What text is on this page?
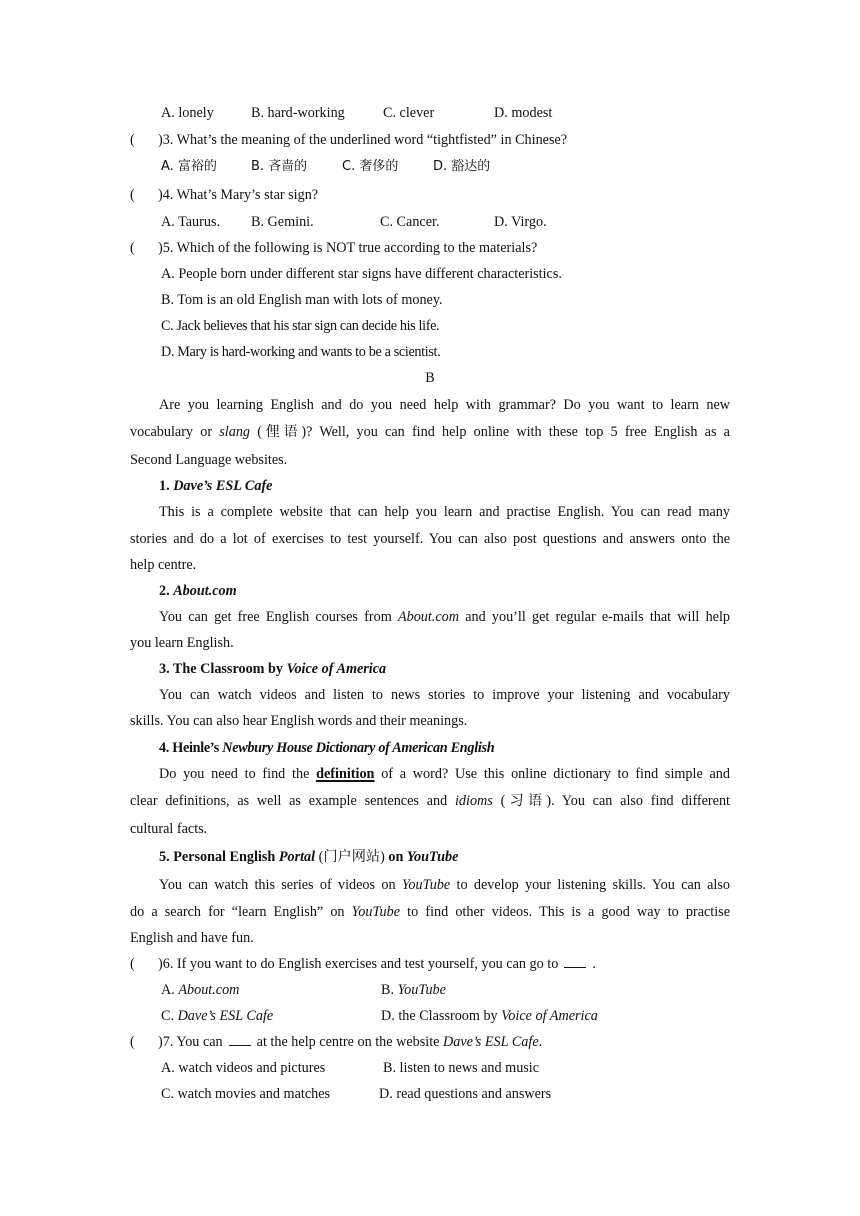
A. lonely	B. hard-working	C. clever	D. modest
( )3. What’s the meaning of the underlined word “tightfisted” in Chinese?
A. 富裕的	B. 吝啬的	C. 奢侈的	D. 豁达的
( )4. What’s Mary’s star sign?
A. Taurus. B. Gemini.	C. Cancer.	D. Virgo.
( )5. Which of the following is NOT true according to the materials?
A. People born under different star signs have different characteristics.
B. Tom is an old English man with lots of money.
C. Jack believes that his star sign can decide his life.
D. Mary is hard-working and wants to be a scientist.
B
Are you learning English and do you need help with grammar? Do you want to learn new
vocabulary or slang (俚语)? Well, you can find help online with these top 5 free English as a
Second Language websites.
1. Dave’s ESL Cafe
This is a complete website that can help you learn and practise English. You can read many
stories and do a lot of exercises to test yourself. You can also post questions and answers onto the
help centre.
2. About.com
You can get free English courses from About.com and you’ll get regular e-mails that will help
you learn English.
3. The Classroom by Voice of America
You can watch videos and listen to news stories to improve your listening and vocabulary
skills. You can also hear English words and their meanings.
4. Heinle’s Newbury House Dictionary of American English
Do you need to find the definition of a word? Use this online dictionary to find simple and
clear definitions, as well as example sentences and idioms (习语). You can also find different
cultural facts.
5. Personal English Portal (门户网站) on YouTube
You can watch this series of videos on YouTube to develop your listening skills. You can also
do a search for “learn English” on YouTube to find other videos. This is a good way to practise
English and have fun.
( )6. If you want to do English exercises and test yourself, you can go to .
A. About.com	B. YouTube
C. Dave’s ESL Cafe	D. the Classroom by Voice of America
( )7. You can at the help centre on the website Dave’s ESL Cafe.
A. watch videos and pictures	B. listen to news and music
C. watch movies and matches	D. read questions and answers
